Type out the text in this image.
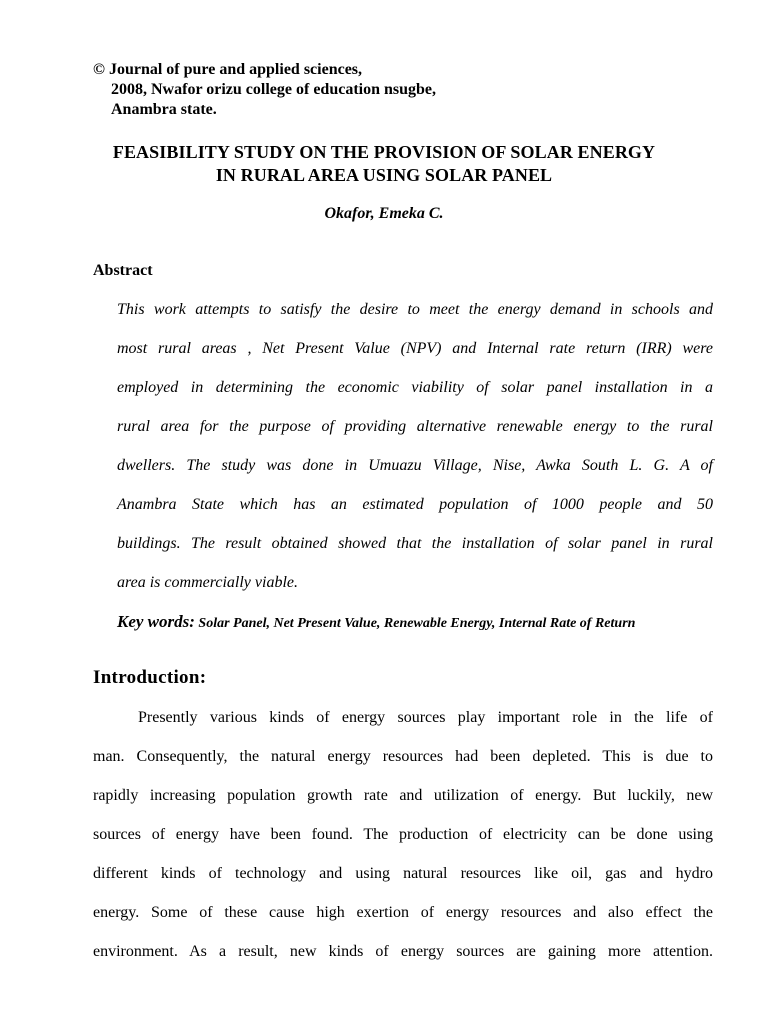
© Journal of pure and applied sciences,
2008, Nwafor orizu college of education nsugbe,
Anambra state.
FEASIBILITY STUDY ON THE PROVISION OF SOLAR ENERGY
IN RURAL AREA USING SOLAR PANEL
Okafor, Emeka C.
Abstract
This work attempts to satisfy the desire to meet the energy demand in schools and
most rural areas , Net Present Value (NPV) and Internal rate return (IRR) were
employed in determining the economic viability of solar panel installation in a
rural area for the purpose of providing alternative renewable energy to the rural
dwellers. The study was done in Umuazu Village, Nise, Awka South L. G. A of
Anambra State which has an estimated population of 1000 people and 50
buildings. The result obtained showed that the installation of solar panel in rural
area is commercially viable.
Key words: Solar Panel, Net Present Value, Renewable Energy, Internal Rate of Return
Introduction:
Presently various kinds of energy sources play important role in the life of
man. Consequently, the natural energy resources had been depleted. This is due to
rapidly increasing population growth rate and utilization of energy. But luckily, new
sources of energy have been found. The production of electricity can be done using
different kinds of technology and using natural resources like oil, gas and hydro
energy. Some of these cause high exertion of energy resources and also effect the
environment. As a result, new kinds of energy sources are gaining more attention.
